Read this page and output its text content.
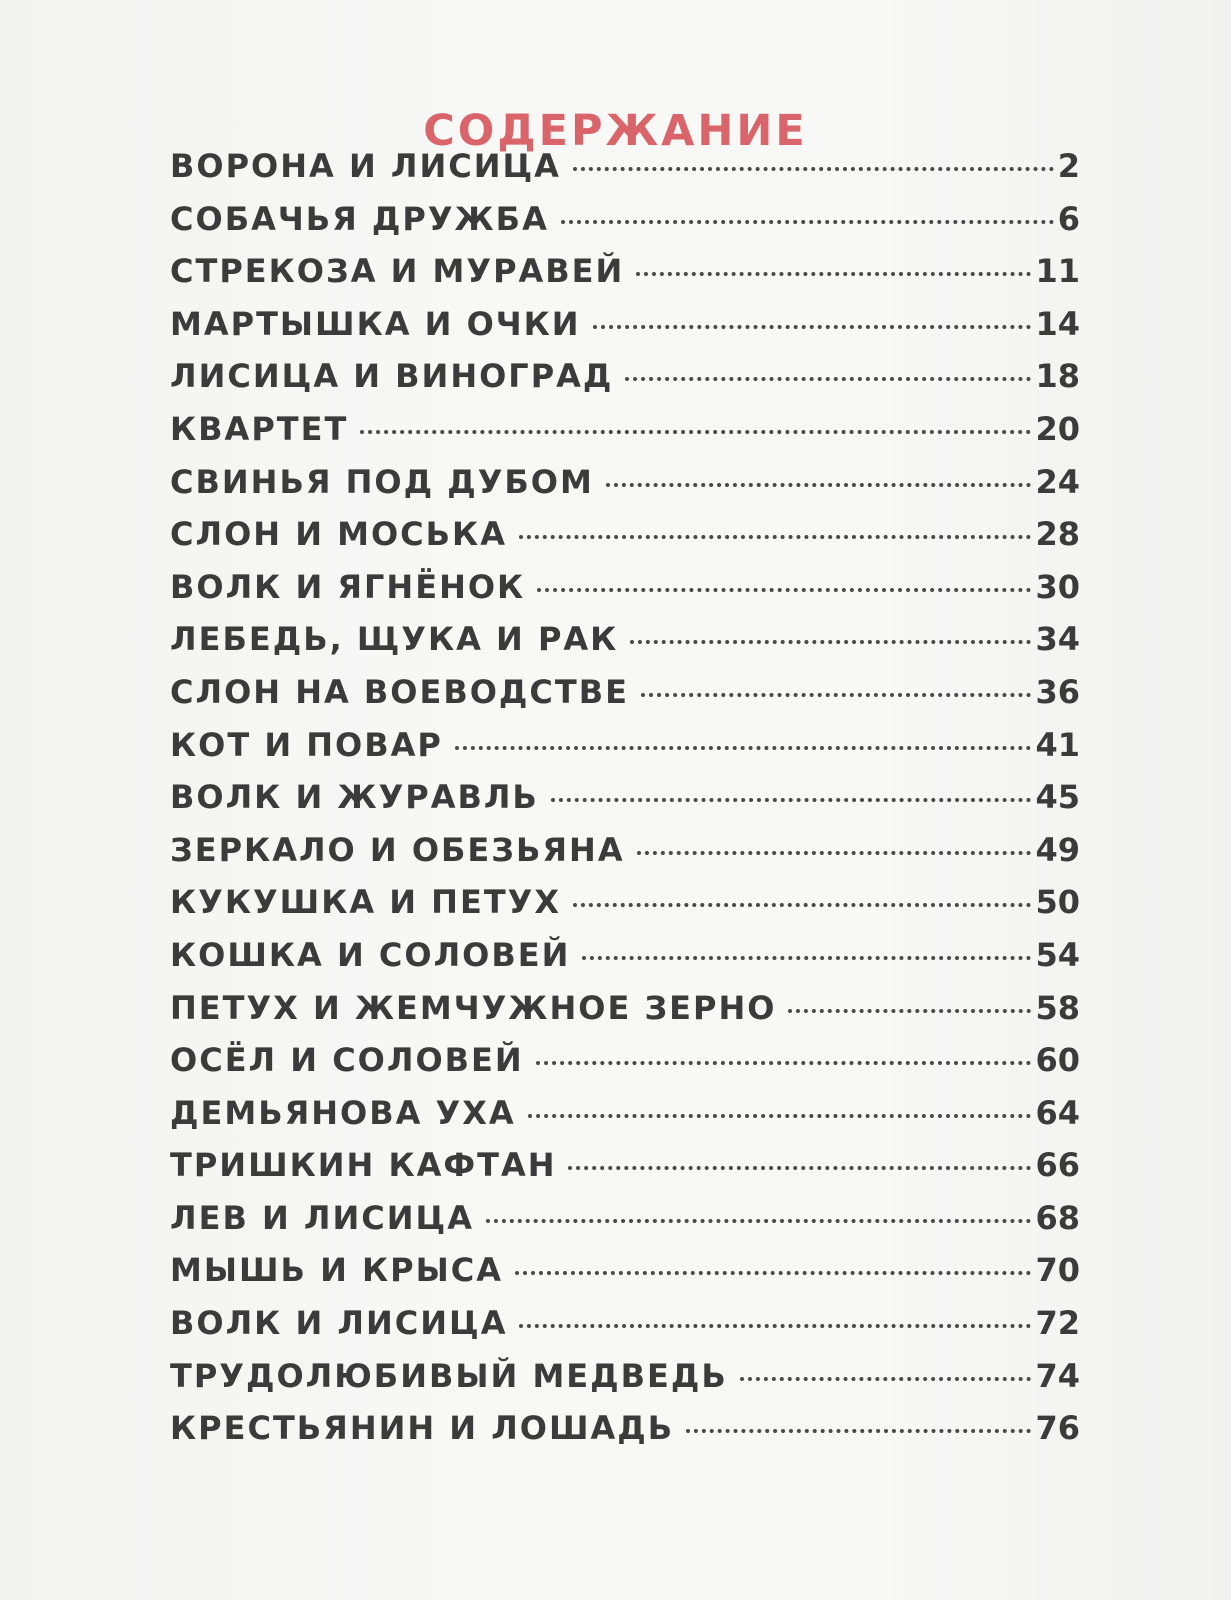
СОДЕРЖАНИЕ
ВОРОНА И ЛИСИЦА	2
СОБАЧЬЯ ДРУЖБА	6
СТРЕКОЗА И МУРАВЕЙ	11
МАРТЫШКА И ОЧКИ	14
ЛИСИЦА И ВИНОГРАД	18
КВАРТЕТ	20
СВИНЬЯ ПОД ДУБОМ	24
СЛОН И МОСЬКА	28
ВОЛК И ЯГНЁНОК	30
ЛЕБЕДЬ, ЩУКА И РАК	34
СЛОН НА ВОЕВОДСТВЕ	36
КОТ И ПОВАР	41
ВОЛК И ЖУРАВЛЬ	45
ЗЕРКАЛО И ОБЕЗЬЯНА	49
КУКУШКА И ПЕТУХ	50
КОШКА И СОЛОВЕЙ	54
ПЕТУХ И ЖЕМЧУЖНОЕ ЗЕРНО	58
ОСЁЛ И СОЛОВЕЙ	60
ДЕМЬЯНОВА УХА	64
ТРИШКИН КАФТАН	66
ЛЕВ И ЛИСИЦА	68
МЫШЬ И КРЫСА	70
ВОЛК И ЛИСИЦА	72
ТРУДОЛЮБИВЫЙ МЕДВЕДЬ	74
КРЕСТЬЯНИН И ЛОШАДЬ	76
